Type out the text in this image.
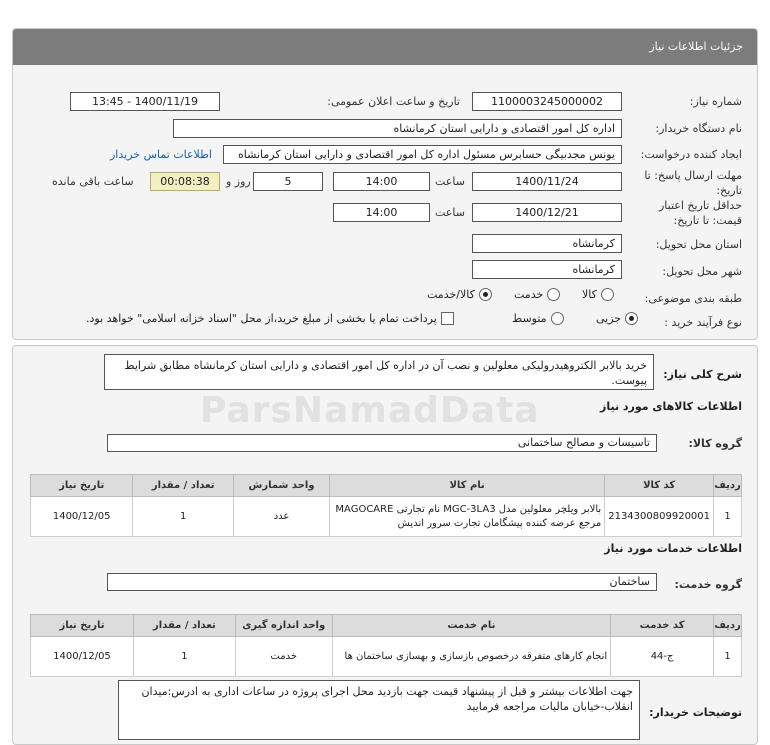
جزئیات اطلاعات نیاز
شماره نیاز:
1100003245000002
تاریخ و ساعت اعلان عمومی:
1400/11/19 - 13:45
نام دستگاه خریدار:
اداره کل امور اقتصادی و دارایی استان کرمانشاه
ایجاد کننده درخواست:
یونس مجدبیگی حسابرس مسئول اداره کل امور اقتصادی و دارایی استان کرمانشاه
اطلاعات تماس خریدار
مهلت ارسال پاسخ: تا تاریخ:
1400/11/24
ساعت
14:00
5
روز و
00:08:38
ساعت باقی مانده
حداقل تاریخ اعتبار قیمت: تا تاریخ:
1400/12/21
ساعت
14:00
استان محل تحویل:
کرمانشاه
شهر محل تحویل:
کرمانشاه
طبقه بندی موضوعی:
کالا
خدمت
کالا/خدمت
نوع فرآیند خرید :
جزیی
متوسط
پرداخت تمام یا بخشی از مبلغ خرید،از محل "اسناد خزانه اسلامی" خواهد بود.
ParsNamadData
شرح کلی نیاز:
خرید بالابر الکتروهیدرولیکی معلولین و نصب آن در اداره کل امور اقتصادی و دارایی استان کرمانشاه مطابق شرایط پیوست.
اطلاعات کالاهای مورد نیاز
گروه کالا:
تاسیسات و مصالح ساختمانی
ردیف	کد کالا	نام کالا	واحد شمارش	تعداد / مقدار	تاریخ نیاز
1	2134300809920001	بالابر ویلچر معلولین مدل MGC-3LA3 نام تجارتی MAGOCARE مرجع عرضه کننده پیشگامان تجارت سرور اندیش	عدد	1	1400/12/05
اطلاعات خدمات مورد نیاز
گروه خدمت:
ساختمان
ردیف	کد خدمت	نام خدمت	واحد اندازه گیری	تعداد / مقدار	تاریخ نیاز
1	ج-44	انجام کارهای متفرقه درخصوص بازسازی و بهسازی ساختمان ها	خدمت	1	1400/12/05
توضیحات خریدار:
جهت اطلاعات بیشتر و قبل از پیشنهاد قیمت جهت بازدید محل اجرای پروژه در ساعات اداری به ادرس:میدان انقلاب-خیابان مالیات مراجعه فرمایید
